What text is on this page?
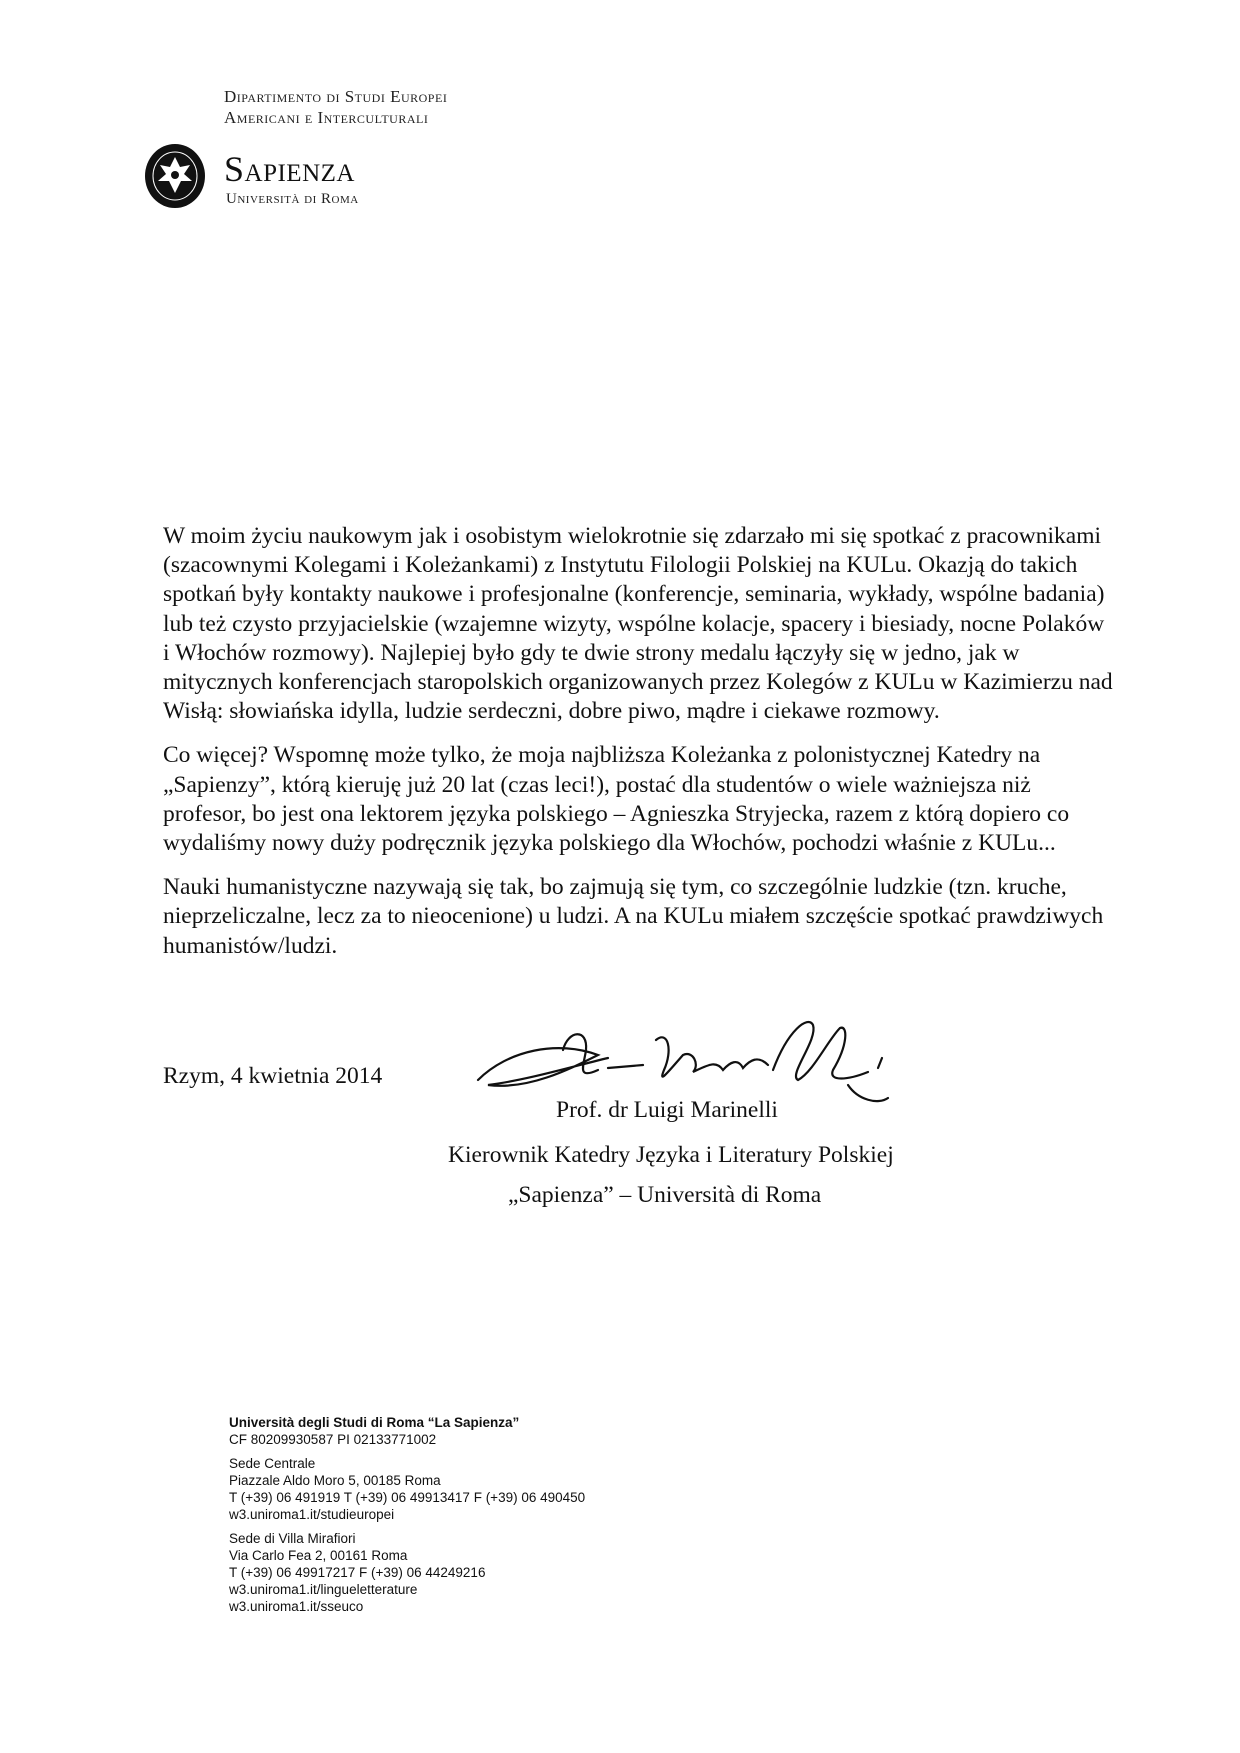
Dipartimento di Studi Europei
Americani e Interculturali
Sapienza
Università di Roma

W moim życiu naukowym jak i osobistym wielokrotnie się zdarzało mi się spotkać z pracownikami (szacownymi Kolegami i Koleżankami) z Instytutu Filologii Polskiej na KULu. Okazją do takich spotkań były kontakty naukowe i profesjonalne (konferencje, seminaria, wykłady, wspólne badania) lub też czysto przyjacielskie (wzajemne wizyty, wspólne kolacje, spacery i biesiady, nocne Polaków i Włochów rozmowy). Najlepiej było gdy te dwie strony medalu łączyły się w jedno, jak w mitycznych konferencjach staropolskich organizowanych przez Kolegów z KULu w Kazimierzu nad Wisłą: słowiańska idylla, ludzie serdeczni, dobre piwo, mądre i ciekawe rozmowy.

Co więcej? Wspomnę może tylko, że moja najbliższa Koleżanka z polonistycznej Katedry na „Sapienzy”, którą kieruję już 20 lat (czas leci!), postać dla studentów o wiele ważniejsza niż profesor, bo jest ona lektorem języka polskiego – Agnieszka Stryjecka, razem z którą dopiero co wydaliśmy nowy duży podręcznik języka polskiego dla Włochów, pochodzi właśnie z KULu...

Nauki humanistyczne nazywają się tak, bo zajmują się tym, co szczególnie ludzkie (tzn. kruche, nieprzeliczalne, lecz za to nieocenione) u ludzi. A na KULu miałem szczęście spotkać prawdziwych humanistów/ludzi.

Rzym, 4 kwietnia 2014
Prof. dr Luigi Marinelli
Kierownik Katedry Języka i Literatury Polskiej
„Sapienza” – Università di Roma
Università degli Studi di Roma “La Sapienza”
CF 80209930587 PI 02133771002
Sede Centrale
Piazzale Aldo Moro 5, 00185 Roma
T (+39) 06 491919 T (+39) 06 49913417 F (+39) 06 490450
w3.uniroma1.it/studieuropei
Sede di Villa Mirafiori
Via Carlo Fea 2, 00161 Roma
T (+39) 06 49917217 F (+39) 06 44249216
w3.uniroma1.it/lingueletterature
w3.uniroma1.it/sseuco
